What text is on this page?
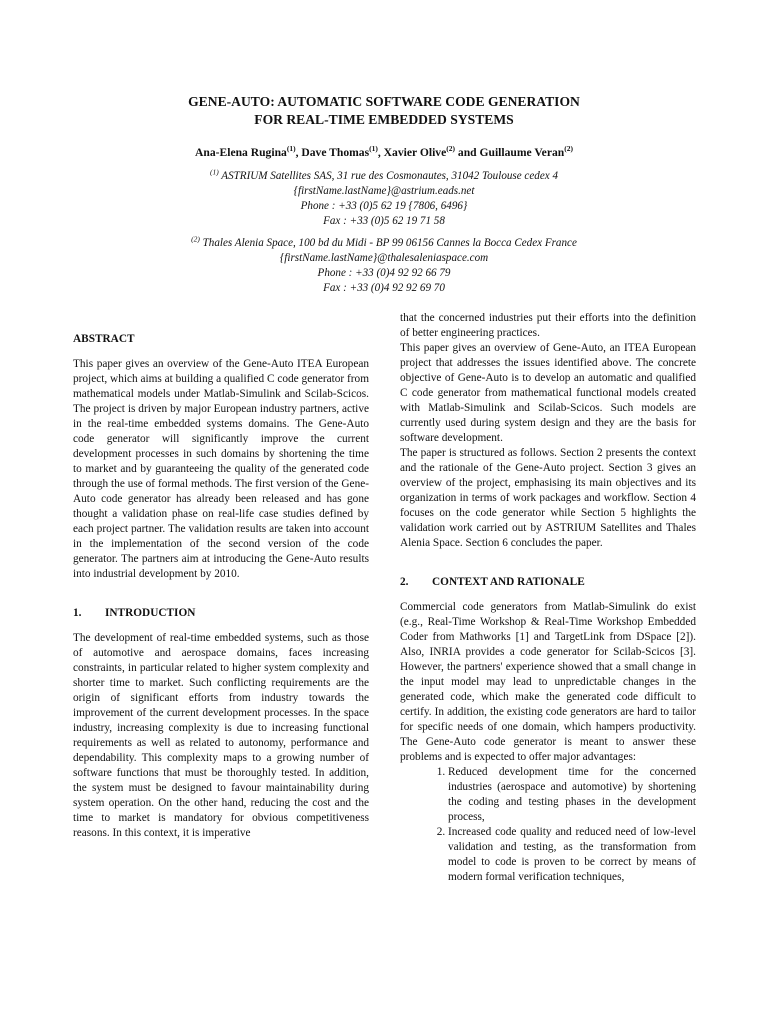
GENE-AUTO: AUTOMATIC SOFTWARE CODE GENERATION
FOR REAL-TIME EMBEDDED SYSTEMS
Ana-Elena Rugina$^{(1)}$, Dave Thomas$^{(1)}$, Xavier Olive$^{(2)}$ and Guillaume Veran$^{(2)}$
$^{(1)}$ ASTRIUM Satellites SAS, 31 rue des Cosmonautes, 31042 Toulouse cedex 4
{firstName.lastName}@astrium.eads.net
Phone : +33 (0)5 62 19 {7806, 6496}
Fax : +33 (0)5 62 19 71 58
$^{(2)}$ Thales Alenia Space, 100 bd du Midi - BP 99 06156 Cannes la Bocca Cedex France
{firstName.lastName}@thalesaleniaspace.com
Phone : +33 (0)4 92 92 66 79
Fax : +33 (0)4 92 92 69 70
ABSTRACT

This paper gives an overview of the Gene-Auto ITEA European project, which aims at building a qualified C code generator from mathematical models under Matlab-Simulink and Scilab-Scicos. The project is driven by major European industry partners, active in the real-time embedded systems domains. The Gene-Auto code generator will significantly improve the current development processes in such domains by shortening the time to market and by guaranteeing the quality of the generated code through the use of formal methods. The first version of the Gene-Auto code generator has already been released and has gone thought a validation phase on real-life case studies defined by each project partner. The validation results are taken into account in the implementation of the second version of the code generator. The partners aim at introducing the Gene-Auto results into industrial development by 2010.

1. INTRODUCTION

The development of real-time embedded systems, such as those of automotive and aerospace domains, faces increasing constraints, in particular related to higher system complexity and shorter time to market. Such conflicting requirements are the origin of significant efforts from industry towards the improvement of the current development processes. In the space industry, increasing complexity is due to increasing functional requirements as well as related to autonomy, performance and dependability. This complexity maps to a growing number of software functions that must be thoroughly tested. In addition, the system must be designed to favour maintainability during system operation. On the other hand, reducing the cost and the time to market is mandatory for obvious competitiveness reasons. In this context, it is imperative

that the concerned industries put their efforts into the definition of better engineering practices.

This paper gives an overview of Gene-Auto, an ITEA European project that addresses the issues identified above. The concrete objective of Gene-Auto is to develop an automatic and qualified C code generator from mathematical functional models created with Matlab-Simulink and Scilab-Scicos. Such models are currently used during system design and they are the basis for software development.

The paper is structured as follows. Section 2 presents the context and the rationale of the Gene-Auto project. Section 3 gives an overview of the project, emphasising its main objectives and its organization in terms of work packages and workflow. Section 4 focuses on the code generator while Section 5 highlights the validation work carried out by ASTRIUM Satellites and Thales Alenia Space. Section 6 concludes the paper.

2. CONTEXT AND RATIONALE

Commercial code generators from Matlab-Simulink do exist (e.g., Real-Time Workshop & Real-Time Workshop Embedded Coder from Mathworks [1] and TargetLink from DSpace [2]). Also, INRIA provides a code generator for Scilab-Scicos [3]. However, the partners' experience showed that a small change in the input model may lead to unpredictable changes in the generated code, which make the generated code difficult to certify. In addition, the existing code generators are hard to tailor for specific needs of one domain, which hampers productivity. The Gene-Auto code generator is meant to answer these problems and is expected to offer major advantages:

1. Reduced development time for the concerned industries (aerospace and automotive) by shortening the coding and testing phases in the development process,
2. Increased code quality and reduced need of low-level validation and testing, as the transformation from model to code is proven to be correct by means of modern formal verification techniques,
